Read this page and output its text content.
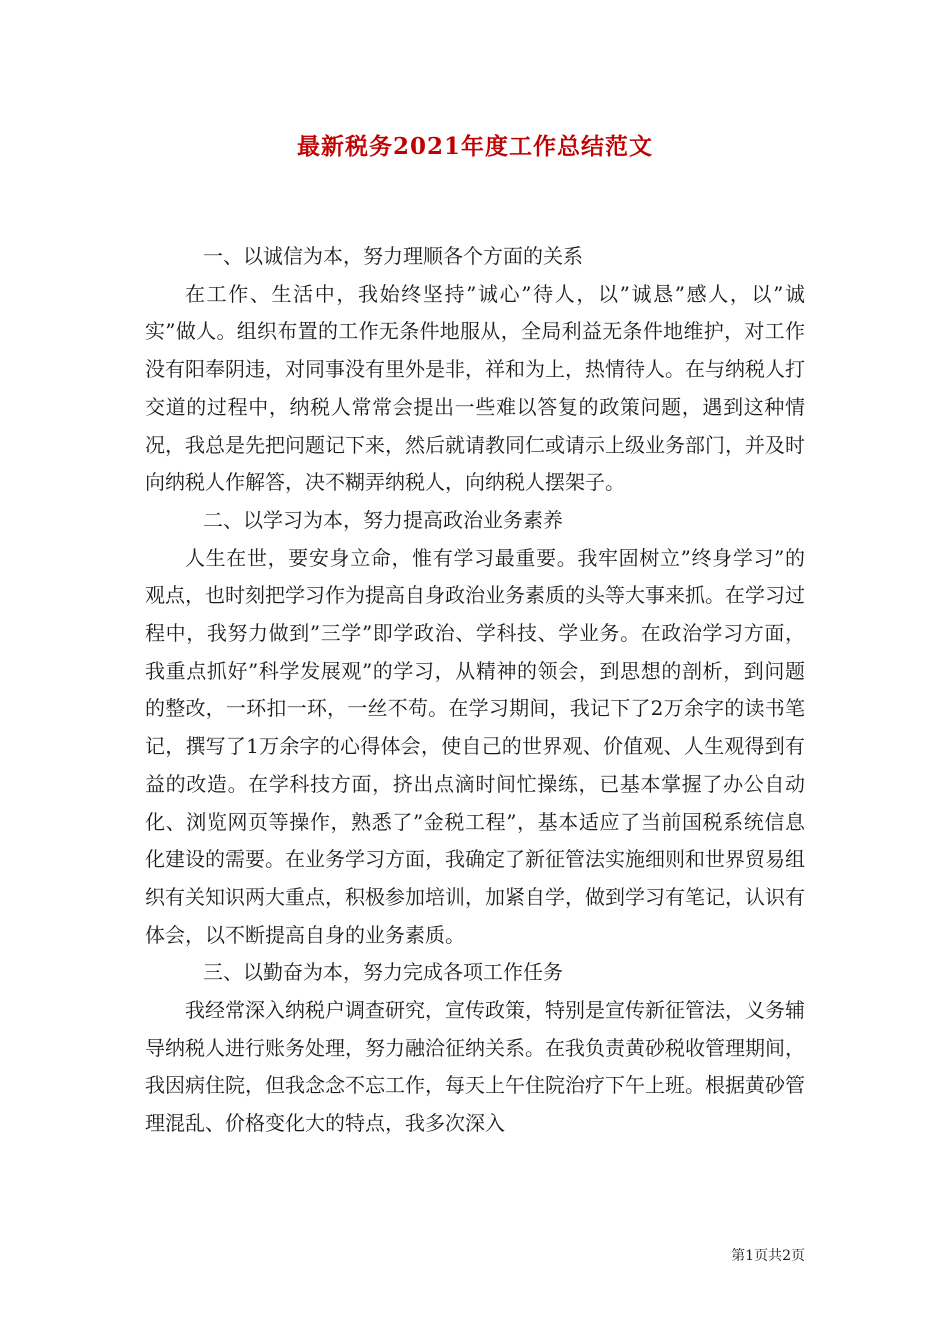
最新税务2021年度工作总结范文

一、以诚信为本，努力理顺各个方面的关系

在工作、生活中，我始终坚持”诚心”待人，以”诚恳”感人，以”诚实”做人。组织布置的工作无条件地服从，全局利益无条件地维护，对工作没有阳奉阴违，对同事没有里外是非，祥和为上，热情待人。在与纳税人打交道的过程中，纳税人常常会提出一些难以答复的政策问题，遇到这种情况，我总是先把问题记下来，然后就请教同仁或请示上级业务部门，并及时向纳税人作解答，决不糊弄纳税人，向纳税人摆架子。

二、以学习为本，努力提高政治业务素养

人生在世，要安身立命，惟有学习最重要。我牢固树立”终身学习”的观点，也时刻把学习作为提高自身政治业务素质的头等大事来抓。在学习过程中，我努力做到”三学”即学政治、学科技、学业务。在政治学习方面，我重点抓好”科学发展观”的学习，从精神的领会，到思想的剖析，到问题的整改，一环扣一环，一丝不苟。在学习期间，我记下了2万余字的读书笔记，撰写了1万余字的心得体会，使自己的世界观、价值观、人生观得到有益的改造。在学科技方面，挤出点滴时间忙操练，已基本掌握了办公自动化、浏览网页等操作，熟悉了”金税工程”，基本适应了当前国税系统信息化建设的需要。在业务学习方面，我确定了新征管法实施细则和世界贸易组织有关知识两大重点，积极参加培训，加紧自学，做到学习有笔记，认识有体会，以不断提高自身的业务素质。

三、以勤奋为本，努力完成各项工作任务

我经常深入纳税户调查研究，宣传政策，特别是宣传新征管法，义务辅导纳税人进行账务处理，努力融洽征纳关系。在我负责黄砂税收管理期间，我因病住院，但我念念不忘工作，每天上午住院治疗下午上班。根据黄砂管理混乱、价格变化大的特点，我多次深入

第1页共2页
